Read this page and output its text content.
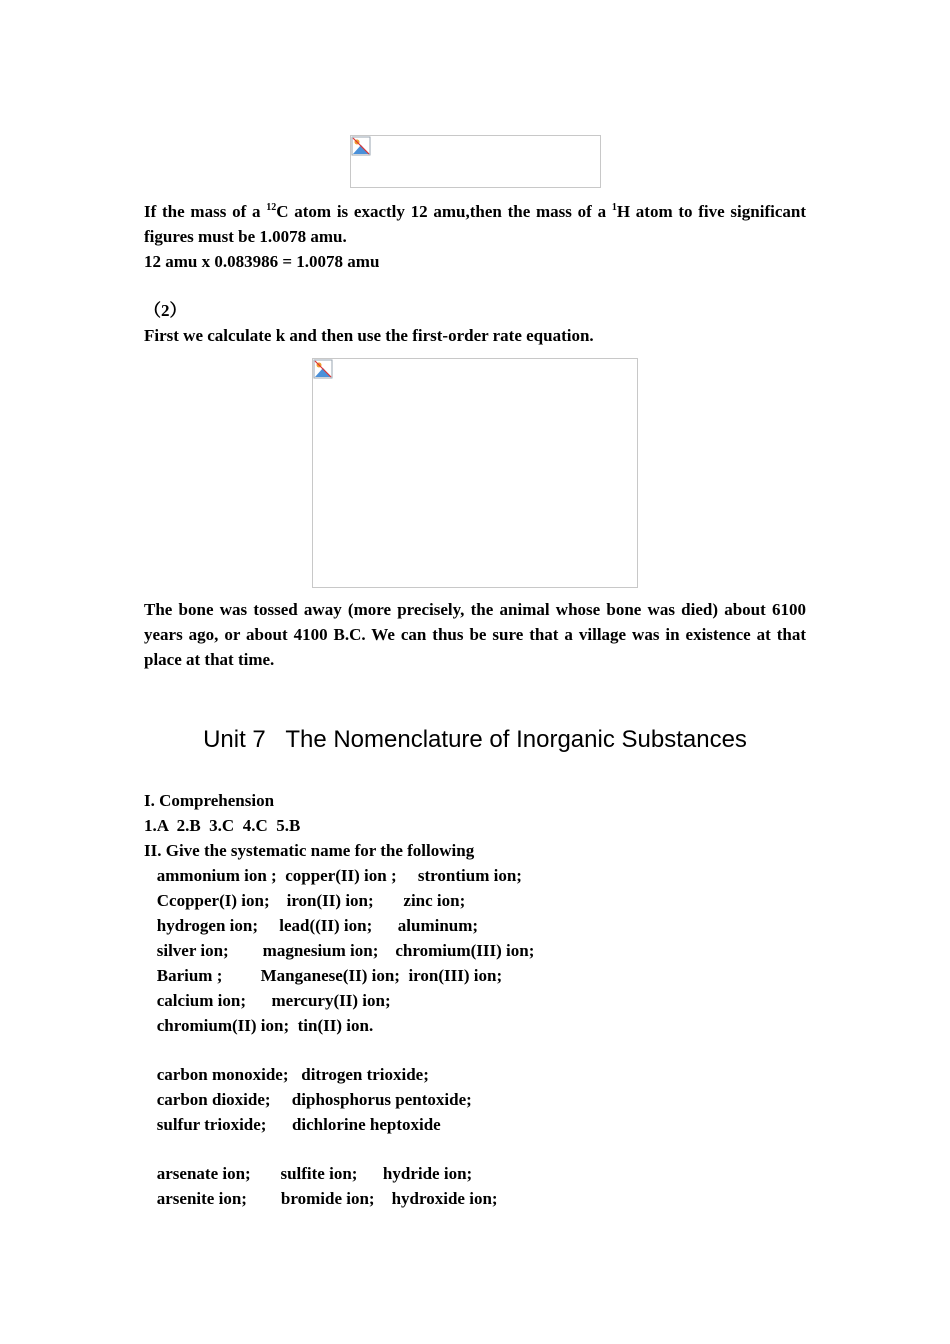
If the mass of a $^{12}$C atom is exactly 12 amu,then the mass of a $^1$H atom to five significant figures must be 1.0078 amu.
12 amu x 0.083986 = 1.0078 amu
（2）
First we calculate k and then use the first-order rate equation.
The bone was tossed away (more precisely, the animal whose bone was died) about 6100 years ago, or about 4100 B.C. We can thus be sure that a village was in existence at that place at that time.
Unit 7   The Nomenclature of Inorganic Substances
I. Comprehension
1.A  2.B  3.C  4.C  5.B
II. Give the systematic name for the following
ammonium ion ;  copper(II) ion ;     strontium ion;
Ccopper(I) ion;    iron(II) ion;       zinc ion;
hydrogen ion;     lead((II) ion;      aluminum;
silver ion;        magnesium ion;    chromium(III) ion;
Barium ;         Manganese(II) ion;  iron(III) ion;
calcium ion;      mercury(II) ion;
chromium(II) ion;  tin(II) ion.
carbon monoxide;   ditrogen trioxide;
carbon dioxide;     diphosphorus pentoxide;
sulfur trioxide;      dichlorine heptoxide
arsenate ion;       sulfite ion;      hydride ion;
arsenite ion;        bromide ion;    hydroxide ion;
